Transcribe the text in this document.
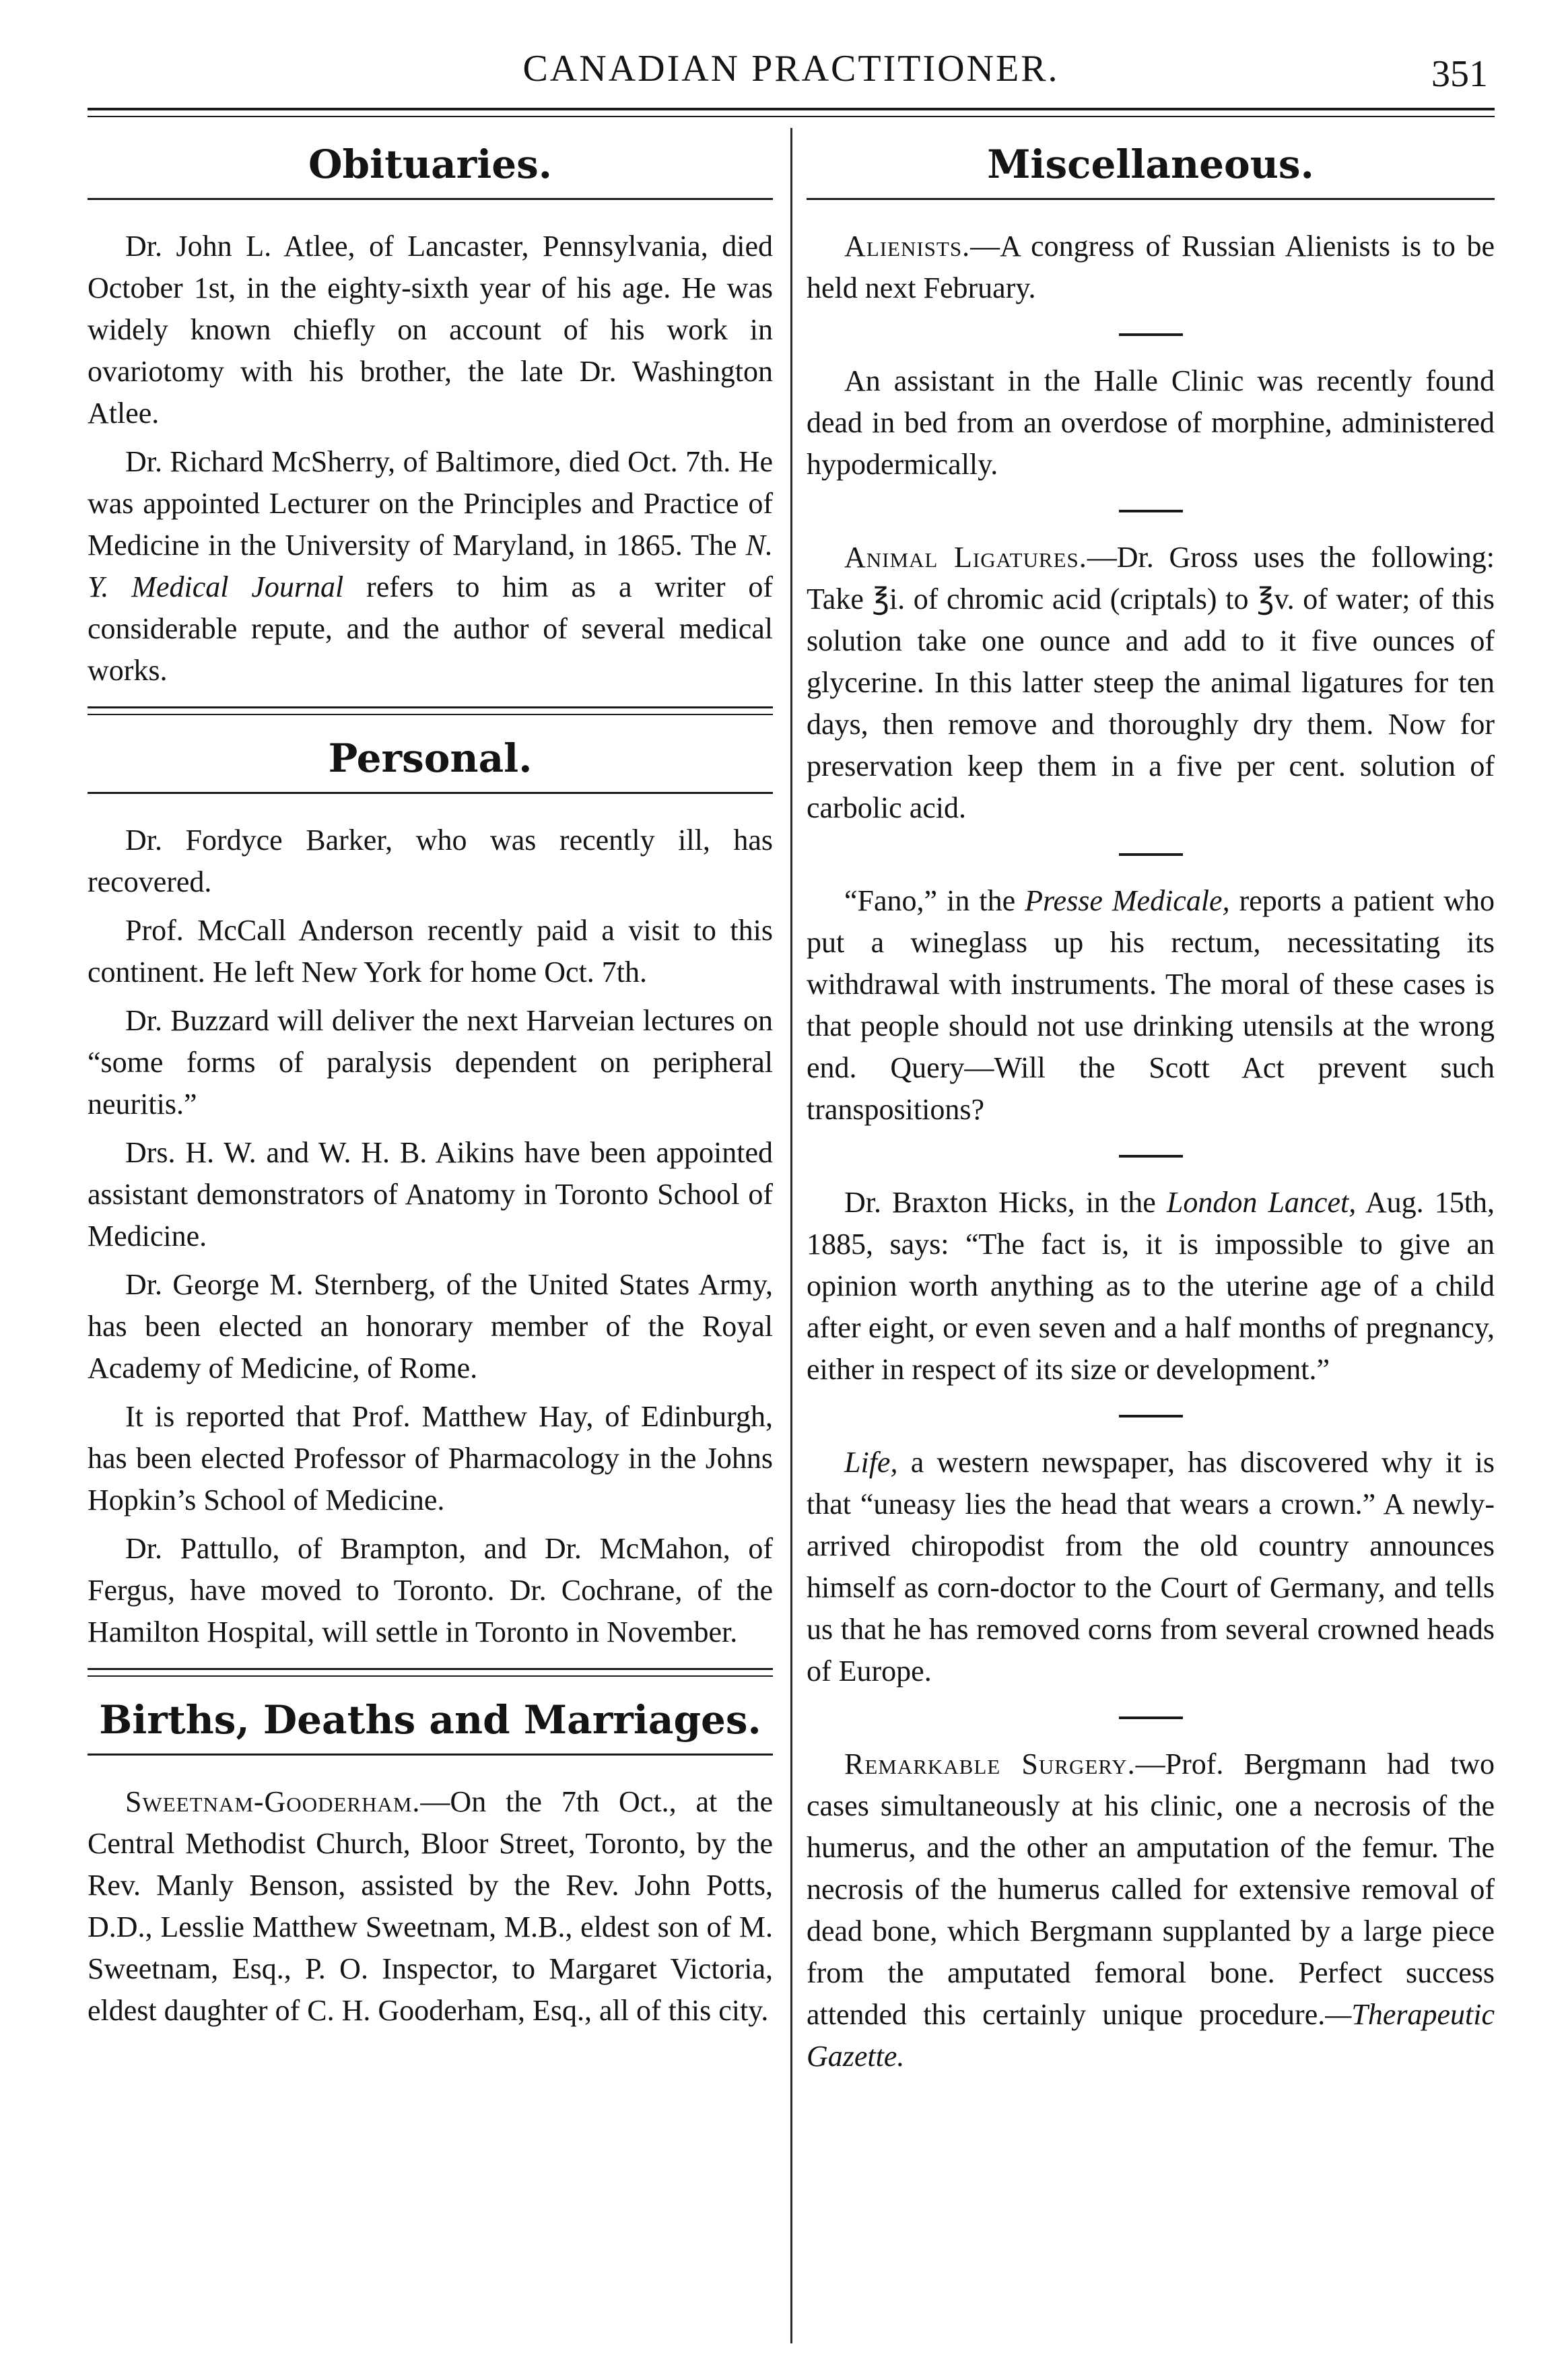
CANADIAN PRACTITIONER.	351
Obituaries.

Dr. John L. Atlee, of Lancaster, Pennsylvania, died October 1st, in the eighty-sixth year of his age. He was widely known chiefly on account of his work in ovariotomy with his brother, the late Dr. Washington Atlee.

Dr. Richard McSherry, of Baltimore, died Oct. 7th. He was appointed Lecturer on the Principles and Practice of Medicine in the University of Maryland, in 1865. The N. Y. Medical Journal refers to him as a writer of considerable repute, and the author of several medical works.

Personal.

Dr. Fordyce Barker, who was recently ill, has recovered.

Prof. McCall Anderson recently paid a visit to this continent. He left New York for home Oct. 7th.

Dr. Buzzard will deliver the next Harveian lectures on “some forms of paralysis dependent on peripheral neuritis.”

Drs. H. W. and W. H. B. Aikins have been appointed assistant demonstrators of Anatomy in Toronto School of Medicine.

Dr. George M. Sternberg, of the United States Army, has been elected an honorary member of the Royal Academy of Medicine, of Rome.

It is reported that Prof. Matthew Hay, of Edinburgh, has been elected Professor of Pharmacology in the Johns Hopkin’s School of Medicine.

Dr. Pattullo, of Brampton, and Dr. McMahon, of Fergus, have moved to Toronto. Dr. Cochrane, of the Hamilton Hospital, will settle in Toronto in November.

Births, Deaths and Marriages.

Sweetnam-Gooderham.—On the 7th Oct., at the Central Methodist Church, Bloor Street, Toronto, by the Rev. Manly Benson, assisted by the Rev. John Potts, D.D., Lesslie Matthew Sweetnam, M.B., eldest son of M. Sweetnam, Esq., P. O. Inspector, to Margaret Victoria, eldest daughter of C. H. Gooderham, Esq., all of this city.

Miscellaneous.

Alienists.—A congress of Russian Alienists is to be held next February.

An assistant in the Halle Clinic was recently found dead in bed from an overdose of morphine, administered hypodermically.

Animal Ligatures.—Dr. Gross uses the following: Take ℥i. of chromic acid (criptals) to ℥v. of water; of this solution take one ounce and add to it five ounces of glycerine. In this latter steep the animal ligatures for ten days, then remove and thoroughly dry them. Now for preservation keep them in a five per cent. solution of carbolic acid.

“Fano,” in the Presse Medicale, reports a patient who put a wineglass up his rectum, necessitating its withdrawal with instruments. The moral of these cases is that people should not use drinking utensils at the wrong end. Query—Will the Scott Act prevent such transpositions?

Dr. Braxton Hicks, in the London Lancet, Aug. 15th, 1885, says: “The fact is, it is impossible to give an opinion worth anything as to the uterine age of a child after eight, or even seven and a half months of pregnancy, either in respect of its size or development.”

Life, a western newspaper, has discovered why it is that “uneasy lies the head that wears a crown.” A newly-arrived chiropodist from the old country announces himself as corn-doctor to the Court of Germany, and tells us that he has removed corns from several crowned heads of Europe.

Remarkable Surgery.—Prof. Bergmann had two cases simultaneously at his clinic, one a necrosis of the humerus, and the other an amputation of the femur. The necrosis of the humerus called for extensive removal of dead bone, which Bergmann supplanted by a large piece from the amputated femoral bone. Perfect success attended this certainly unique procedure.—Therapeutic Gazette.
